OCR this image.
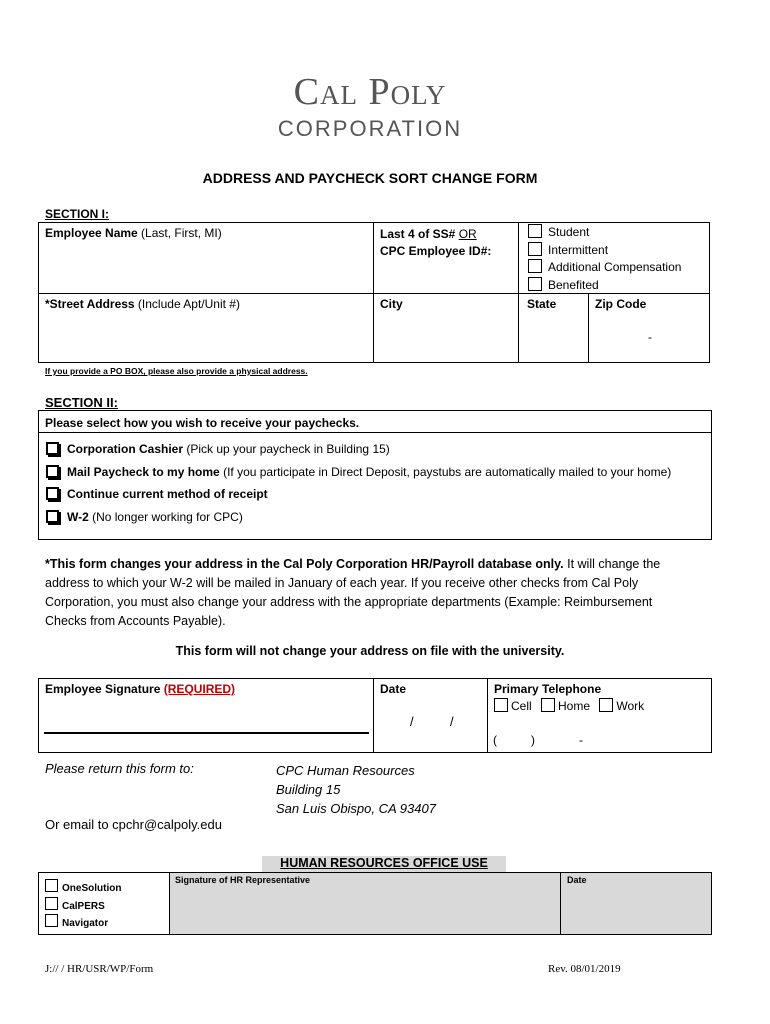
Cal Poly
CORPORATION
ADDRESS AND PAYCHECK SORT CHANGE FORM
SECTION I:
Employee Name (Last, First, MI)	Last 4 of SS# OR
CPC Employee ID#:
Student
Intermittent
Additional Compensation
Benefited
*Street Address (Include Apt/Unit #)	City	State	Zip Code
-
If you provide a PO BOX, please also provide a physical address.
SECTION II:
Please select how you wish to receive your paychecks.
Corporation Cashier (Pick up your paycheck in Building 15)
Mail Paycheck to my home (If you participate in Direct Deposit, paystubs are automatically mailed to your home)
Continue current method of receipt
W-2 (No longer working for CPC)
*This form changes your address in the Cal Poly Corporation HR/Payroll database only. It will change the address to which your W-2 will be mailed in January of each year. If you receive other checks from Cal Poly Corporation, you must also change your address with the appropriate departments (Example: Reimbursement Checks from Accounts Payable).
This form will not change your address on file with the university.
Employee Signature (REQUIRED)	Date
/	/
Primary Telephone
Cell Home Work
(	)	-
Please return this form to:	CPC Human Resources
Building 15
San Luis Obispo, CA 93407
Or email to cpchr@calpoly.edu
HUMAN RESOURCES OFFICE USE
OneSolution
CalPERS
Navigator
Signature of HR Representative	Date
J:// / HR/USR/WP/Form	Rev. 08/01/2019
